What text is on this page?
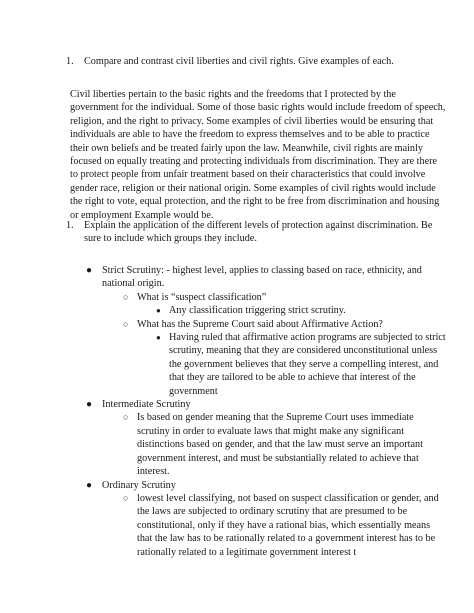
1. Compare and contrast civil liberties and civil rights. Give examples of each.

Civil liberties pertain to the basic rights and the freedoms that I protected by the government for the individual. Some of those basic rights would include freedom of speech, religion, and the right to privacy. Some examples of civil liberties would be ensuring that individuals are able to have the freedom to express themselves and to be able to practice their own beliefs and be treated fairly upon the law. Meanwhile, civil rights are mainly focused on equally treating and protecting individuals from discrimination. They are there to protect people from unfair treatment based on their characteristics that could involve gender race, religion or their national origin. Some examples of civil rights would include the right to vote, equal protection, and the right to be free from discrimination and housing or employment Example would be.

1. Explain the application of the different levels of protection against discrimination. Be sure to include which groups they include.
● Strict Scrutiny: - highest level, applies to classing based on race, ethnicity, and national origin.
○ What is “suspect classification”
● Any classification triggering strict scrutiny.
○ What has the Supreme Court said about Affirmative Action?
● Having ruled that affirmative action programs are subjected to strict scrutiny, meaning that they are considered unconstitutional unless the government believes that they serve a compelling interest, and that they are tailored to be able to achieve that interest of the government
● Intermediate Scrutiny
○ Is based on gender meaning that the Supreme Court uses immediate scrutiny in order to evaluate laws that might make any significant distinctions based on gender, and that the law must serve an important government interest, and must be substantially related to achieve that interest.
● Ordinary Scrutiny
○ lowest level classifying, not based on suspect classification or gender, and the laws are subjected to ordinary scrutiny that are presumed to be constitutional, only if they have a rational bias, which essentially means that the law has to be rationally related to a government interest has to be rationally related to a legitimate government interest t
